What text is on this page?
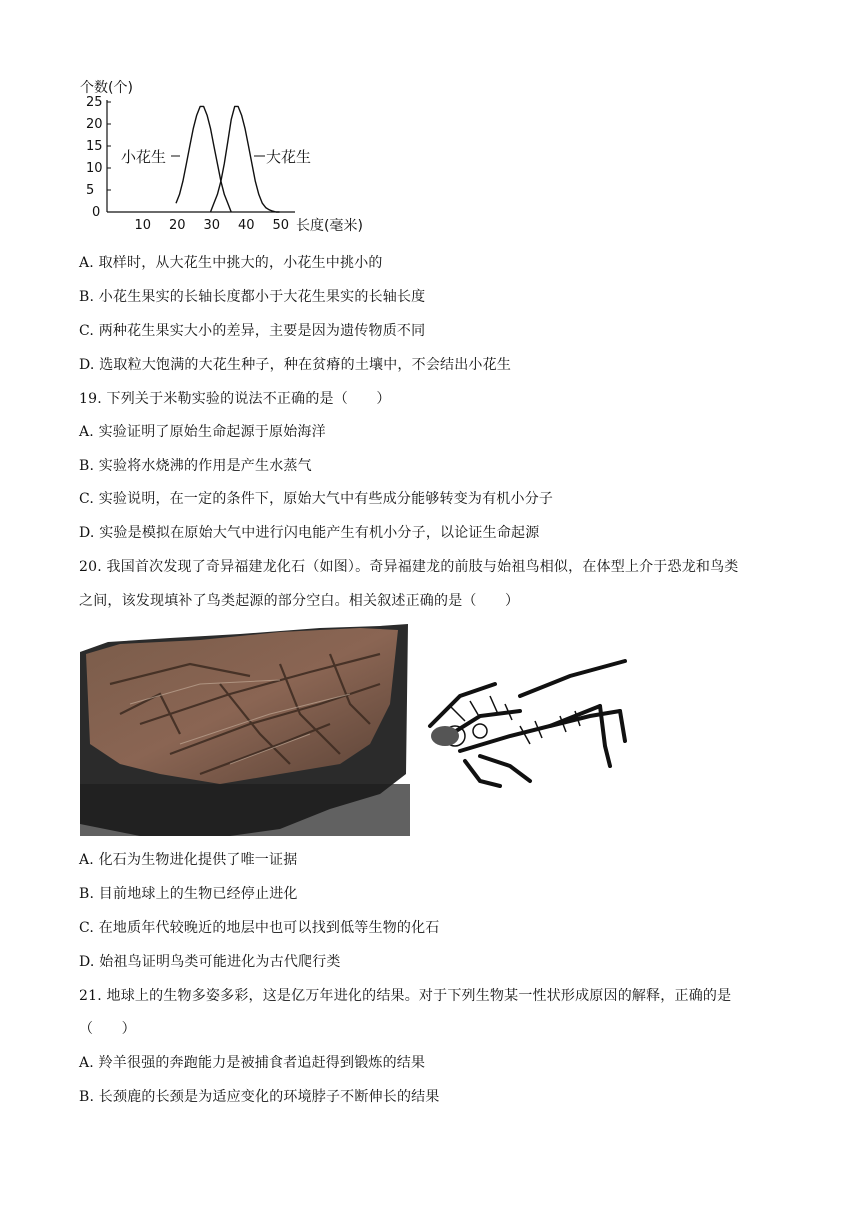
个数(个)
长度(毫米)
25
20
15
10
5
0
10 20 30 40 50
小花生	大花生
A. 取样时，从大花生中挑大的，小花生中挑小的
B. 小花生果实的长轴长度都小于大花生果实的长轴长度
C. 两种花生果实大小的差异，主要是因为遗传物质不同
D. 选取粒大饱满的大花生种子，种在贫瘠的土壤中，不会结出小花生
19. 下列关于米勒实验的说法不正确的是（　　）
A. 实验证明了原始生命起源于原始海洋
B. 实验将水烧沸的作用是产生水蒸气
C. 实验说明，在一定的条件下，原始大气中有些成分能够转变为有机小分子
D. 实验是模拟在原始大气中进行闪电能产生有机小分子，以论证生命起源
20. 我国首次发现了奇异福建龙化石（如图）。奇异福建龙的前肢与始祖鸟相似，在体型上介于恐龙和鸟类
之间，该发现填补了鸟类起源的部分空白。相关叙述正确的是（　　）
A. 化石为生物进化提供了唯一证据
B. 目前地球上的生物已经停止进化
C. 在地质年代较晚近的地层中也可以找到低等生物的化石
D. 始祖鸟证明鸟类可能进化为古代爬行类
21. 地球上的生物多姿多彩，这是亿万年进化的结果。对于下列生物某一性状形成原因的解释，正确的是
（　　）
A. 羚羊很强的奔跑能力是被捕食者追赶得到锻炼的结果
B. 长颈鹿的长颈是为适应变化的环境脖子不断伸长的结果
